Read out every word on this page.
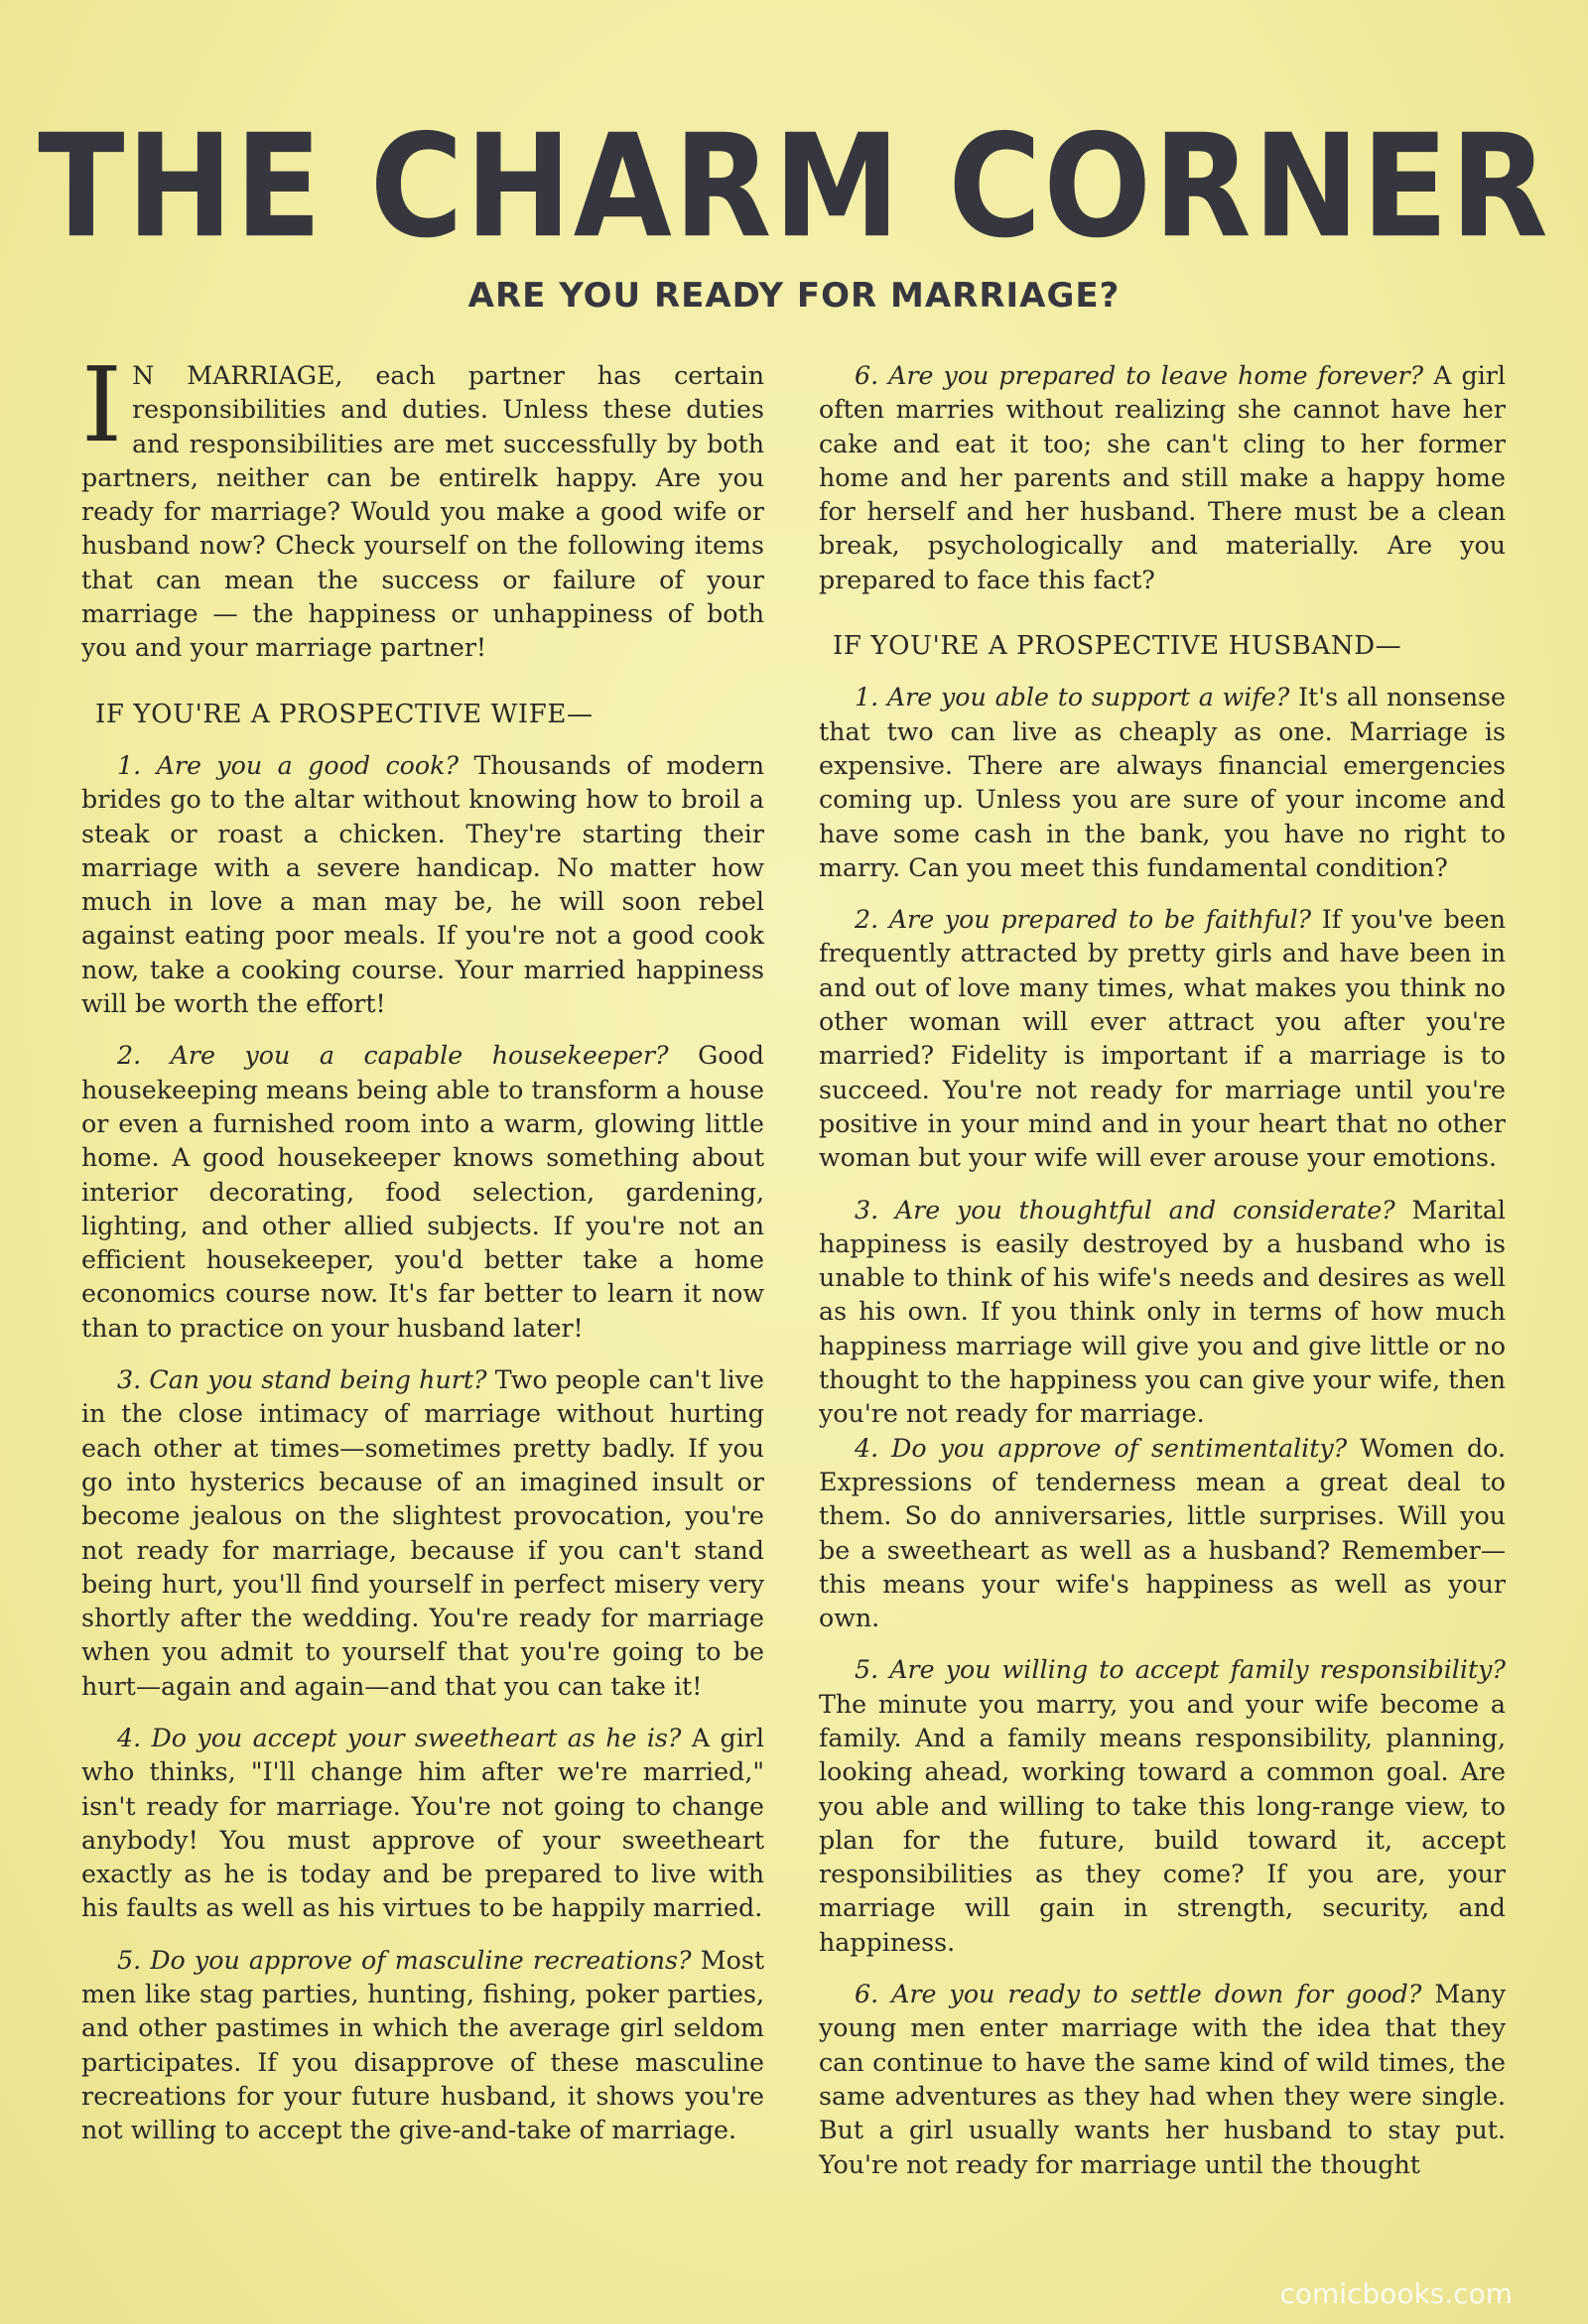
THE CHARM CORNER
ARE YOU READY FOR MARRIAGE?

I N MARRIAGE, each partner has certain responsibilities and duties. Unless these duties and responsibilities are met successfully by both partners, neither can be entirelk happy. Are you ready for marriage? Would you make a good wife or husband now? Check yourself on the following items that can mean the success or failure of your marriage — the happiness or unhappiness of both you and your marriage partner!

IF YOU'RE A PROSPECTIVE WIFE—

1. Are you a good cook? Thousands of modern brides go to the altar without knowing how to broil a steak or roast a chicken. They're starting their marriage with a severe handicap. No matter how much in love a man may be, he will soon rebel against eating poor meals. If you're not a good cook now, take a cooking course. Your married happiness will be worth the effort!

2. Are you a capable housekeeper? Good housekeeping means being able to transform a house or even a furnished room into a warm, glowing little home. A good housekeeper knows something about interior decorating, food selection, gardening, lighting, and other allied subjects. If you're not an efficient housekeeper, you'd better take a home economics course now. It's far better to learn it now than to practice on your husband later!

3. Can you stand being hurt? Two people can't live in the close intimacy of marriage without hurting each other at times—sometimes pretty badly. If you go into hysterics because of an imagined insult or become jealous on the slightest provocation, you're not ready for marriage, because if you can't stand being hurt, you'll find yourself in perfect misery very shortly after the wedding. You're ready for marriage when you admit to yourself that you're going to be hurt—again and again—and that you can take it!

4. Do you accept your sweetheart as he is? A girl who thinks, "I'll change him after we're married," isn't ready for marriage. You're not going to change anybody! You must approve of your sweetheart exactly as he is today and be prepared to live with his faults as well as his virtues to be happily married.

5. Do you approve of masculine recreations? Most men like stag parties, hunting, fishing, poker parties, and other pastimes in which the average girl seldom participates. If you disapprove of these masculine recreations for your future husband, it shows you're not willing to accept the give-and-take of marriage.

6. Are you prepared to leave home forever? A girl often marries without realizing she cannot have her cake and eat it too; she can't cling to her former home and her parents and still make a happy home for herself and her husband. There must be a clean break, psychologically and materially. Are you prepared to face this fact?

IF YOU'RE A PROSPECTIVE HUSBAND—

1. Are you able to support a wife? It's all nonsense that two can live as cheaply as one. Marriage is expensive. There are always financial emergencies coming up. Unless you are sure of your income and have some cash in the bank, you have no right to marry. Can you meet this fundamental condition?

2. Are you prepared to be faithful? If you've been frequently attracted by pretty girls and have been in and out of love many times, what makes you think no other woman will ever attract you after you're married? Fidelity is important if a marriage is to succeed. You're not ready for marriage until you're positive in your mind and in your heart that no other woman but your wife will ever arouse your emotions.

3. Are you thoughtful and considerate? Marital happiness is easily destroyed by a husband who is unable to think of his wife's needs and desires as well as his own. If you think only in terms of how much happiness marriage will give you and give little or no thought to the happiness you can give your wife, then you're not ready for marriage.

4. Do you approve of sentimentality? Women do. Expressions of tenderness mean a great deal to them. So do anniversaries, little surprises. Will you be a sweetheart as well as a husband? Remember—this means your wife's happiness as well as your own.

5. Are you willing to accept family responsibility? The minute you marry, you and your wife become a family. And a family means responsibility, planning, looking ahead, working toward a common goal. Are you able and willing to take this long-range view, to plan for the future, build toward it, accept responsibilities as they come? If you are, your marriage will gain in strength, security, and happiness.

6. Are you ready to settle down for good? Many young men enter marriage with the idea that they can continue to have the same kind of wild times, the same adventures as they had when they were single. But a girl usually wants her husband to stay put. You're not ready for marriage until the thought

comicbooks.com
